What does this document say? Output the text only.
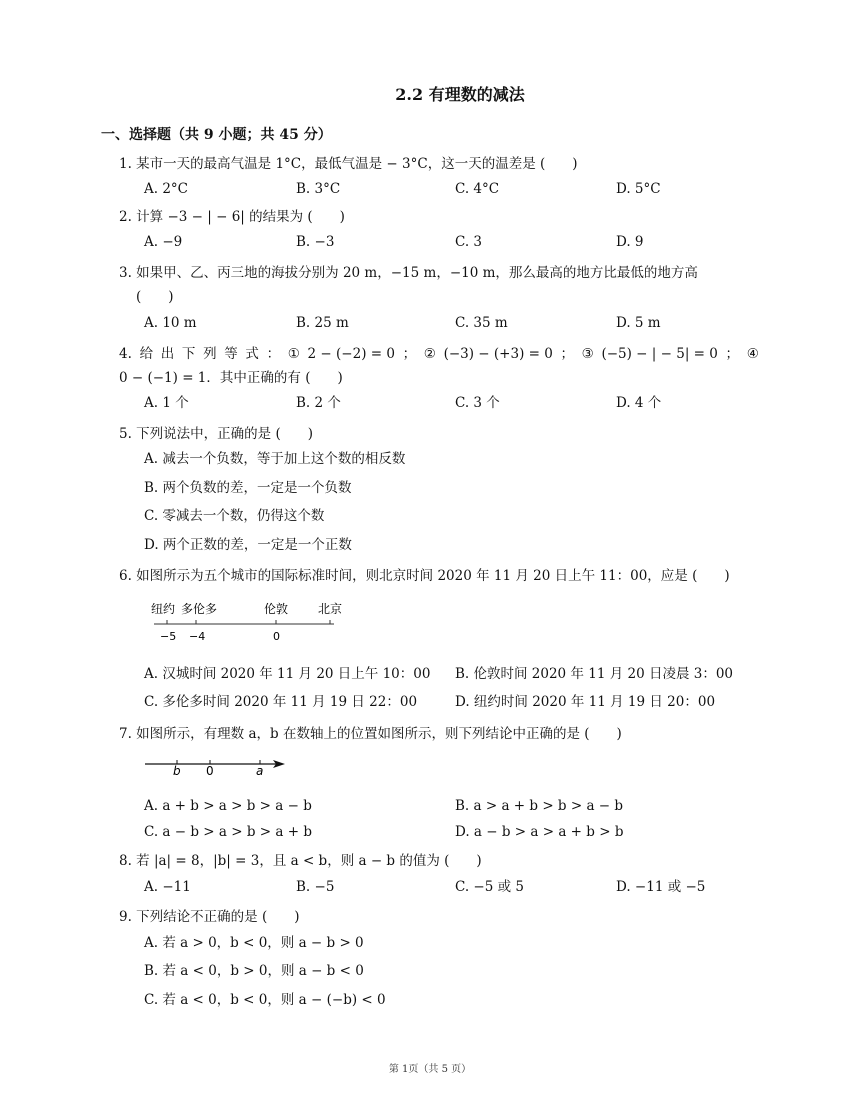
2.2 有理数的减法
一、选择题（共 9 小题；共 45 分）
1. 某市一天的最高气温是 1°C，最低气温是 − 3°C，这一天的温差是 (　　)
A. 2°C	B. 3°C	C. 4°C	D. 5°C
2. 计算 −3 − | − 6| 的结果为 (　　)
A. −9	B. −3	C. 3	D. 9
3. 如果甲、乙、丙三地的海拔分别为 20 m，−15 m，−10 m，那么最高的地方比最低的地方高
(　　)
A. 10 m	B. 25 m	C. 35 m	D. 5 m
4. 给 出 下 列 等 式 ： ① 2 − (−2) = 0 ； ② (−3) − (+3) = 0 ； ③ (−5) − | − 5| = 0 ； ④
0 − (−1) = 1．其中正确的有 (　　)
A. 1 个	B. 2 个	C. 3 个	D. 4 个
5. 下列说法中，正确的是 (　　)
A. 减去一个负数，等于加上这个数的相反数
B. 两个负数的差，一定是一个负数
C. 零减去一个数，仍得这个数
D. 两个正数的差，一定是一个正数
6. 如图所示为五个城市的国际标准时间，则北京时间 2020 年 11 月 20 日上午 11：00，应是 (　　)
纽约 多伦多	伦敦 北京
−5 −4	0
A. 汉城时间 2020 年 11 月 20 日上午 10：00 B. 伦敦时间 2020 年 11 月 20 日凌晨 3：00
C. 多伦多时间 2020 年 11 月 19 日 22：00	D. 纽约时间 2020 年 11 月 19 日 20：00
7. 如图所示，有理数 a，b 在数轴上的位置如图所示，则下列结论中正确的是 (　　)
b 0	a
A. a + b > a > b > a − b	B. a > a + b > b > a − b
C. a − b > a > b > a + b	D. a − b > a > a + b > b
8. 若 |a| = 8，|b| = 3，且 a < b，则 a − b 的值为 (　　)
A. −11	B. −5	C. −5 或 5	D. −11 或 −5
9. 下列结论不正确的是 (　　)
A. 若 a > 0，b < 0，则 a − b > 0
B. 若 a < 0，b > 0，则 a − b < 0
C. 若 a < 0，b < 0，则 a − (−b) < 0
第 1页（共 5 页）
